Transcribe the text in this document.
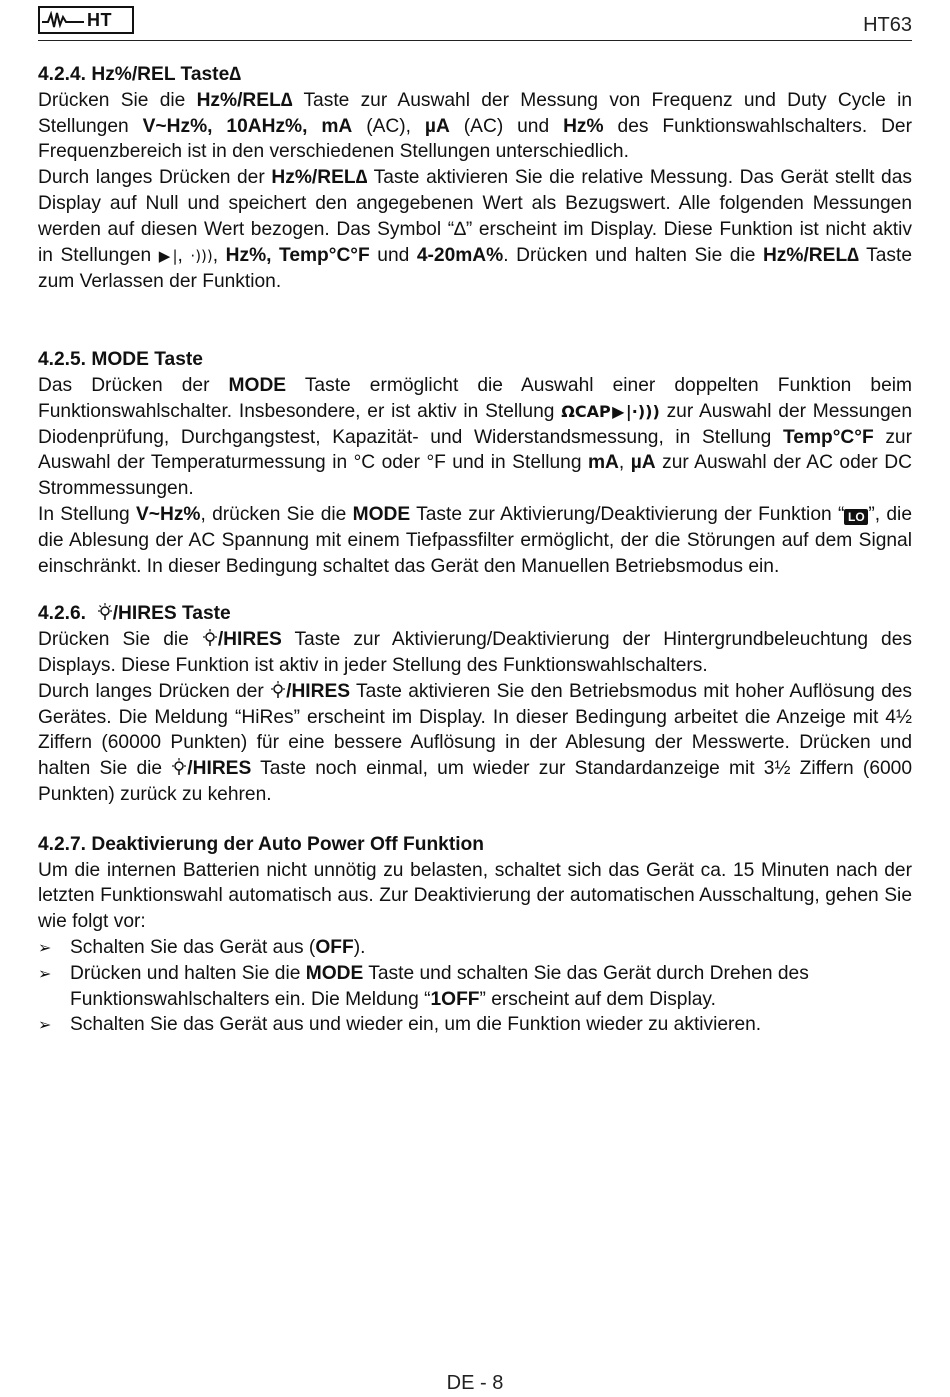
HT	HT63
4.2.4. Hz%/REL Taste∆

Drücken Sie die Hz%/REL∆ Taste zur Auswahl der Messung von Frequenz und Duty Cycle in Stellungen V~Hz%, 10AHz%, mA (AC), µA (AC) und Hz% des Funktionswahlschalters. Der Frequenzbereich ist in den verschiedenen Stellungen unterschiedlich.

Durch langes Drücken der Hz%/REL∆ Taste aktivieren Sie die relative Messung. Das Gerät stellt das Display auf Null und speichert den angegebenen Wert als Bezugswert. Alle folgenden Messungen werden auf diesen Wert bezogen. Das Symbol “∆” erscheint im Display. Diese Funktion ist nicht aktiv in Stellungen ▶|, ·))), Hz%, Temp°C°F und 4-20mA%. Drücken und halten Sie die Hz%/REL∆ Taste zum Verlassen der Funktion.

4.2.5. MODE Taste

Das Drücken der MODE Taste ermöglicht die Auswahl einer doppelten Funktion beim Funktionswahlschalter. Insbesondere, er ist aktiv in Stellung ΩCAP▶|·))) zur Auswahl der Messungen Diodenprüfung, Durchgangstest, Kapazität- und Widerstandsmessung, in Stellung Temp°C°F zur Auswahl der Temperaturmessung in °C oder °F und in Stellung mA, µA zur Auswahl der AC oder DC Strommessungen.

In Stellung V~Hz%, drücken Sie die MODE Taste zur Aktivierung/Deaktivierung der Funktion “ LO ”, die die Ablesung der AC Spannung mit einem Tiefpassfilter ermöglicht, der die Störungen auf dem Signal einschränkt. In dieser Bedingung schaltet das Gerät den Manuellen Betriebsmodus ein.

4.2.6. /HIRES Taste

Drücken Sie die /HIRES Taste zur Aktivierung/Deaktivierung der Hintergrundbeleuchtung des Displays. Diese Funktion ist aktiv in jeder Stellung des Funktionswahlschalters.

Durch langes Drücken der /HIRES Taste aktivieren Sie den Betriebsmodus mit hoher Auflösung des Gerätes. Die Meldung “HiRes” erscheint im Display. In dieser Bedingung arbeitet die Anzeige mit 4½ Ziffern (60000 Punkten) für eine bessere Auflösung in der Ablesung der Messwerte. Drücken und halten Sie die /HIRES Taste noch einmal, um wieder zur Standardanzeige mit 3½ Ziffern (6000 Punkten) zurück zu kehren.

4.2.7. Deaktivierung der Auto Power Off Funktion

Um die internen Batterien nicht unnötig zu belasten, schaltet sich das Gerät ca. 15 Minuten nach der letzten Funktionswahl automatisch aus. Zur Deaktivierung der automatischen Ausschaltung, gehen Sie wie folgt vor:

➢ Schalten Sie das Gerät aus (OFF).
➢ Drücken und halten Sie die MODE Taste und schalten Sie das Gerät durch Drehen des Funktionswahlschalters ein. Die Meldung “1OFF” erscheint auf dem Display.
➢ Schalten Sie das Gerät aus und wieder ein, um die Funktion wieder zu aktivieren.
DE - 8
